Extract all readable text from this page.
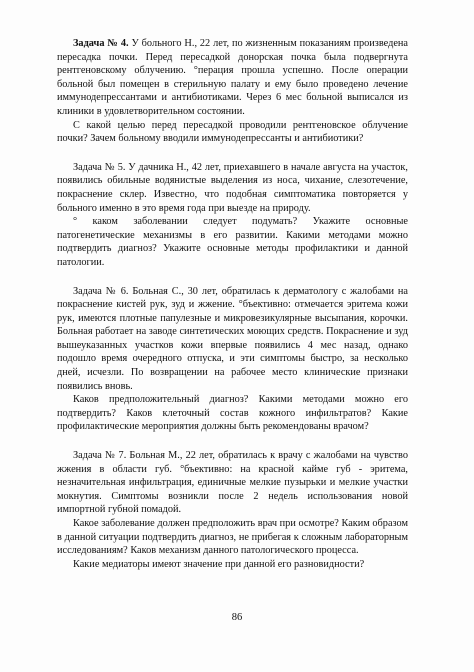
Задача № 4. У больного Н., 22 лет, по жизненным показаниям произведена пересадка почки. Перед пересадкой донорская почка была подвергнута рентгеновскому облучению. °перация прошла успешно. После операции больной был помещен в стерильную палату и ему было проведено лечение иммунодепрессантами и антибиотиками. Через 6 мес больной выписался из клиники в удовлетворительном состоянии.

С какой целью перед пересадкой проводили рентгеновское облучение почки? Зачем больному вводили иммунодепрессанты и антибиотики?

Задача № 5. У дачника Н., 42 лет, приехавшего в начале августа на участок, появились обильные водянистые выделения из носа, чихание, слезотечение, покраснение склер. Известно, что подобная симптоматика повторяется у больного именно в это время года при выезде на природу.

° каком заболевании следует подумать? Укажите основные патогенетические механизмы в его развитии. Какими методами можно подтвердить диагноз? Укажите основные методы профилактики и данной патологии.

Задача № 6. Больная С., 30 лет, обратилась к дерматологу с жалобами на покраснение кистей рук, зуд и жжение. °бъективно: отмечается эритема кожи рук, имеются плотные папулезные и микровезикулярные высыпания, корочки. Больная работает на заводе синтетических моющих средств. Покраснение и зуд вышеуказанных участков кожи впервые появились 4 мес назад, однако подошло время очередного отпуска, и эти симптомы быстро, за несколько дней, исчезли. По возвращении на рабочее место клинические признаки появились вновь.

Каков предположительный диагноз? Какими методами можно его подтвердить? Каков клеточный состав кожного инфильтратов? Какие профилактические мероприятия должны быть рекомендованы врачом?

Задача № 7. Больная М., 22 лет, обратилась к врачу с жалобами на чувство жжения в области губ. °бъективно: на красной кайме губ - эритема, незначительная инфильтрация, единичные мелкие пузырьки и мелкие участки мокнутия. Симптомы возникли после 2 недель использования новой импортной губной помадой.

Какое заболевание должен предположить врач при осмотре? Каким образом в данной ситуации подтвердить диагноз, не прибегая к сложным лабораторным исследованиям? Каков механизм данного патологического процесса.

Какие медиаторы имеют значение при данной его разновидности?

86
